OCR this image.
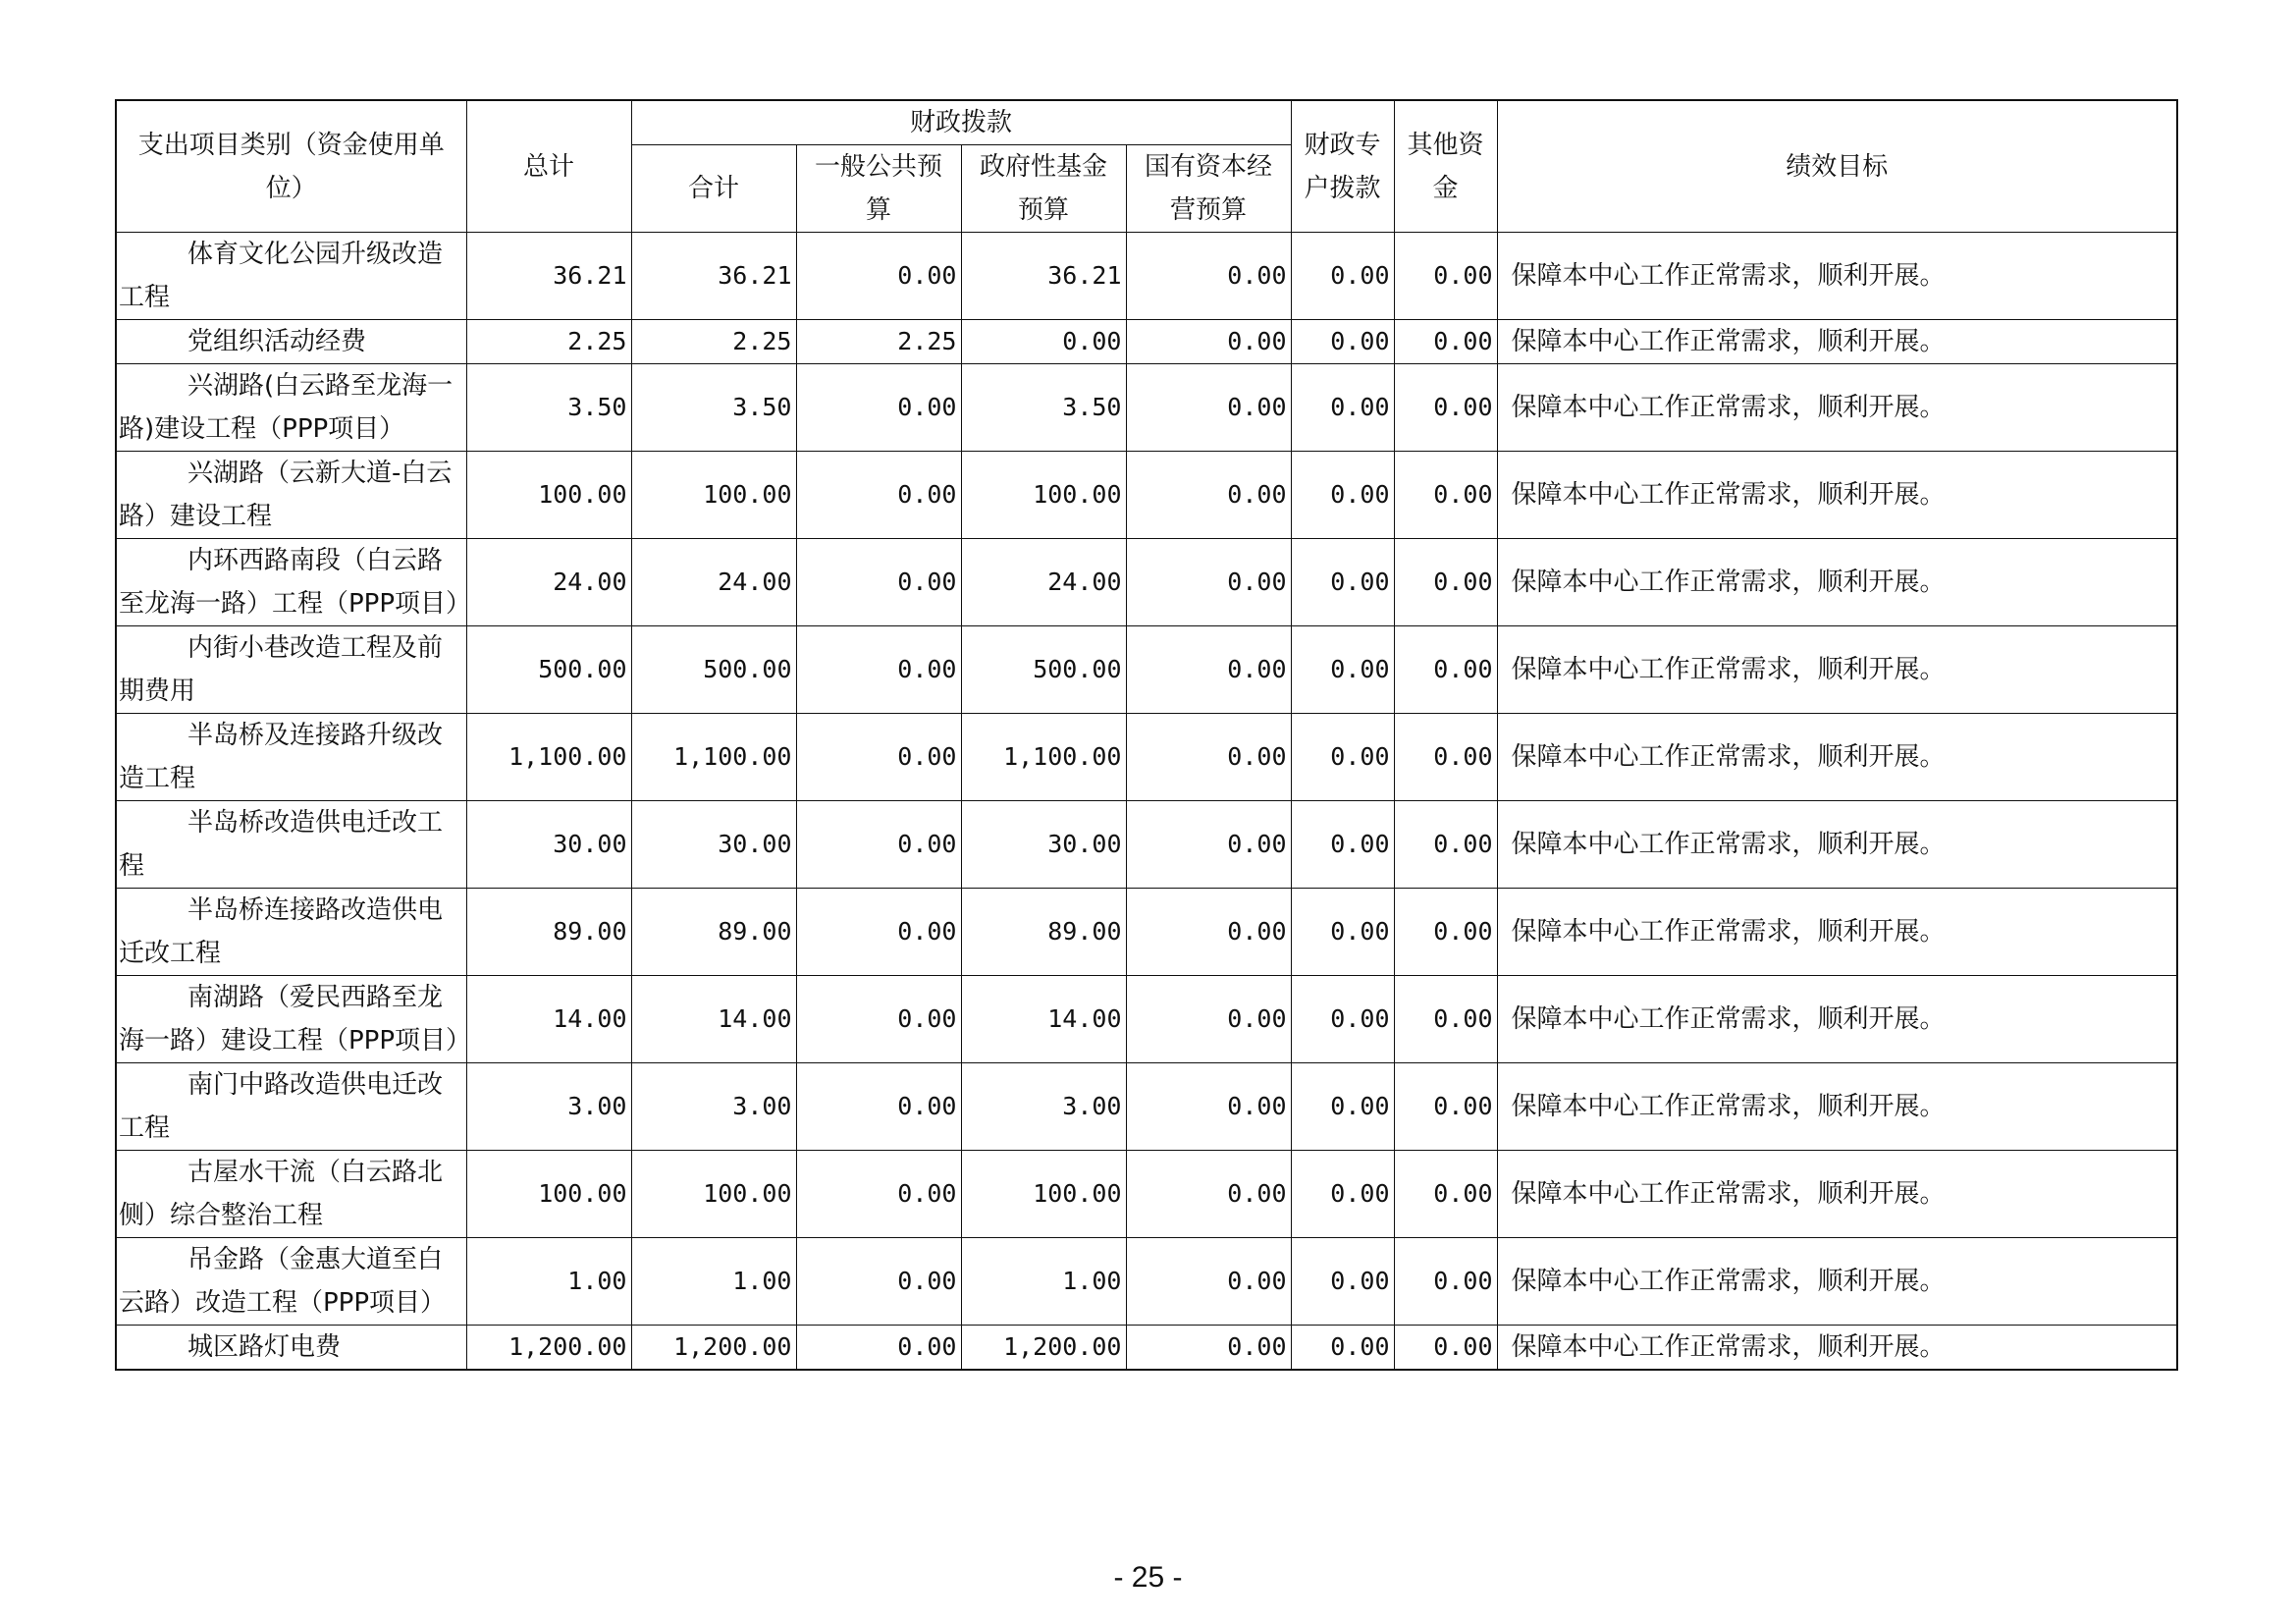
支出项目类别（资金使用单位）	总计	财政拨款				财政专户拨款	其他资金	绩效目标
		合计	一般公共预算	政府性基金预算	国有资本经营预算			
体育文化公园升级改造工程	36.21	36.21	0.00	36.21	0.00	0.00	0.00	保障本中心工作正常需求，顺利开展。
党组织活动经费	2.25	2.25	2.25	0.00	0.00	0.00	0.00	保障本中心工作正常需求，顺利开展。
兴湖路(白云路至龙海一路)建设工程（PPP项目）	3.50	3.50	0.00	3.50	0.00	0.00	0.00	保障本中心工作正常需求，顺利开展。
兴湖路（云新大道-白云路）建设工程	100.00	100.00	0.00	100.00	0.00	0.00	0.00	保障本中心工作正常需求，顺利开展。
内环西路南段（白云路至龙海一路）工程（PPP项目）	24.00	24.00	0.00	24.00	0.00	0.00	0.00	保障本中心工作正常需求，顺利开展。
内街小巷改造工程及前期费用	500.00	500.00	0.00	500.00	0.00	0.00	0.00	保障本中心工作正常需求，顺利开展。
半岛桥及连接路升级改造工程	1,100.00	1,100.00	0.00	1,100.00	0.00	0.00	0.00	保障本中心工作正常需求，顺利开展。
半岛桥改造供电迁改工程	30.00	30.00	0.00	30.00	0.00	0.00	0.00	保障本中心工作正常需求，顺利开展。
半岛桥连接路改造供电迁改工程	89.00	89.00	0.00	89.00	0.00	0.00	0.00	保障本中心工作正常需求，顺利开展。
南湖路（爱民西路至龙海一路）建设工程（PPP项目）	14.00	14.00	0.00	14.00	0.00	0.00	0.00	保障本中心工作正常需求，顺利开展。
南门中路改造供电迁改工程	3.00	3.00	0.00	3.00	0.00	0.00	0.00	保障本中心工作正常需求，顺利开展。
古屋水干流（白云路北侧）综合整治工程	100.00	100.00	0.00	100.00	0.00	0.00	0.00	保障本中心工作正常需求，顺利开展。
吊金路（金惠大道至白云路）改造工程（PPP项目）	1.00	1.00	0.00	1.00	0.00	0.00	0.00	保障本中心工作正常需求，顺利开展。
城区路灯电费	1,200.00	1,200.00	0.00	1,200.00	0.00	0.00	0.00	保障本中心工作正常需求，顺利开展。
- 25 -
